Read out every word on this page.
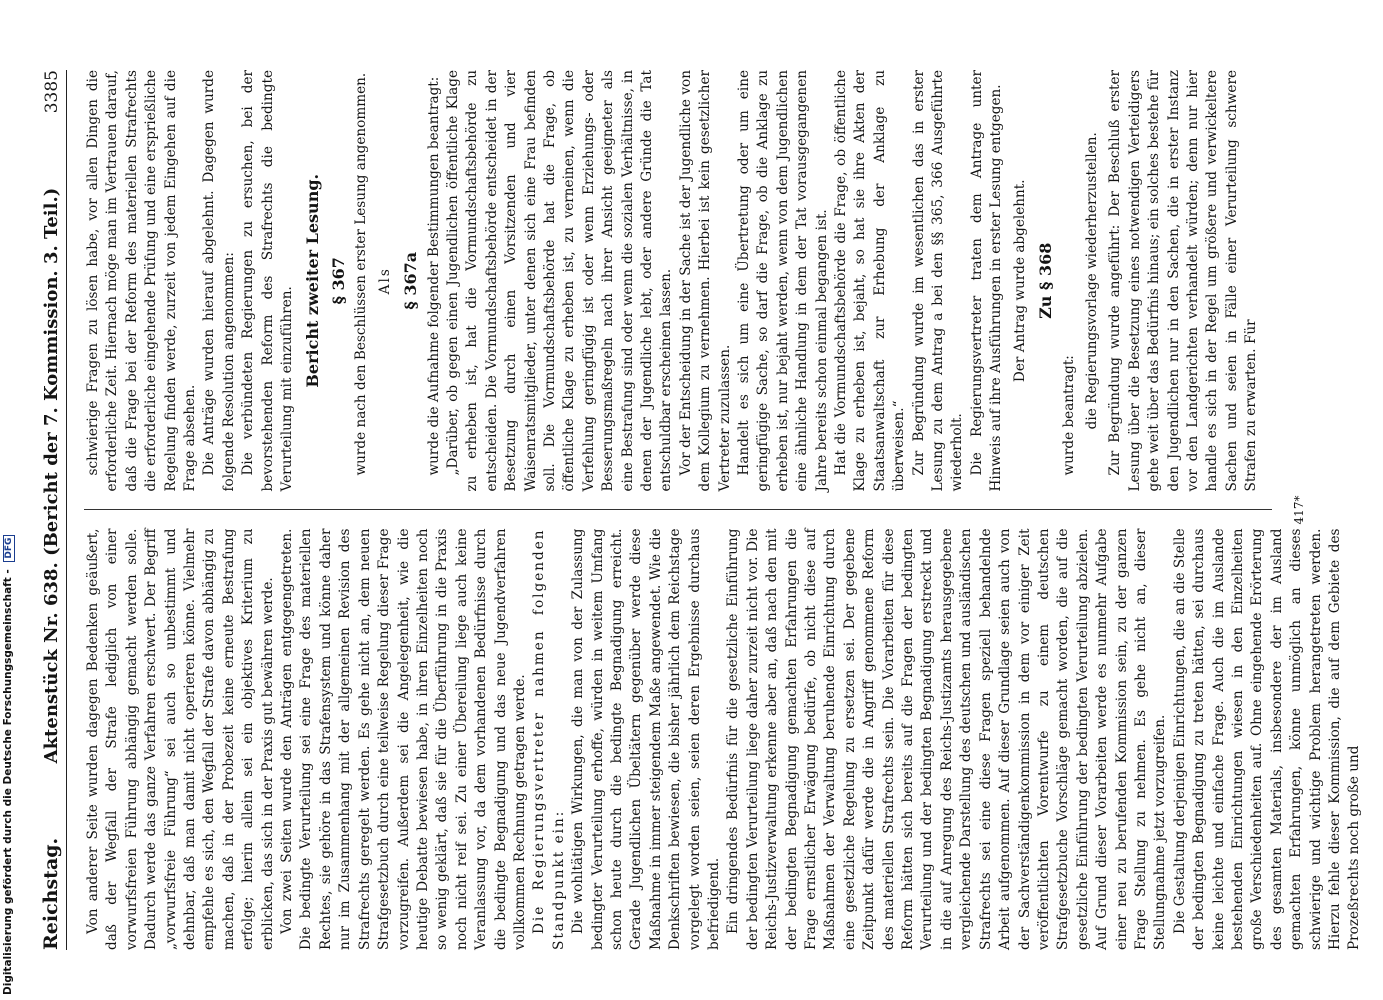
Digitalisierung gefördert durch die Deutsche Forschungsgemeinschaft - DFG
Reichstag.
Aktenstück Nr. 638. (Bericht der 7. Kommission. 3. Teil.)
3385

Von anderer Seite wurden dagegen Bedenken geäußert, daß der Wegfall der Strafe lediglich von einer vorwurfsfreien Führung abhängig gemacht werden solle. Dadurch werde das ganze Verfahren erschwert. Der Begriff „vorwurfsfreie Führung“ sei auch so unbestimmt und dehnbar, daß man damit nicht operieren könne. Vielmehr empfehle es sich, den Wegfall der Strafe davon abhängig zu machen, daß in der Probezeit keine erneute Bestrafung erfolge; hierin allein sei ein objektives Kriterium zu erblicken, das sich in der Praxis gut bewähren werde. Von zwei Seiten wurde den Anträgen entgegengetreten. Die bedingte Verurteilung sei eine Frage des materiellen Rechtes, sie gehöre in das Strafensystem und könne daher nur im Zusammenhang mit der allgemeinen Revision des Strafrechts geregelt werden. Es gehe nicht an, dem neuen Strafgesetzbuch durch eine teilweise Regelung dieser Frage vorzugreifen. Außerdem sei die Angelegenheit, wie die heutige Debatte bewiesen habe, in ihren Einzelheiten noch so wenig geklärt, daß sie für die Überführung in die Praxis noch nicht reif sei. Zu einer Übereilung liege auch keine Veranlassung vor, da dem vorhandenen Bedürfnisse durch die bedingte Begnadigung und das neue Jugendverfahren vollkommen Rechnung getragen werde. Die Regierungsvertreter nahmen folgenden Standpunkt ein: Die wohltätigen Wirkungen, die man von der Zulassung bedingter Verurteilung erhoffe, würden in weitem Umfang schon heute durch die bedingte Begnadigung erreicht. Gerade Jugendlichen Übeltätern gegenüber werde diese Maßnahme in immer steigendem Maße angewendet. Wie die Denkschriften bewiesen, die bisher jährlich dem Reichstage vorgelegt worden seien, seien deren Ergebnisse durchaus befriedigend. Ein dringendes Bedürfnis für die gesetzliche Einführung der bedingten Verurteilung liege daher zurzeit nicht vor. Die Reichs-Justizverwaltung erkenne aber an, daß nach den mit der bedingten Begnadigung gemachten Erfahrungen die Frage ernstlicher Erwägung bedürfe, ob nicht diese auf Maßnahmen der Verwaltung beruhende Einrichtung durch eine gesetzliche Regelung zu ersetzen sei. Der gegebene Zeitpunkt dafür werde die in Angriff genommene Reform des materiellen Strafrechts sein. Die Vorarbeiten für diese Reform hätten sich bereits auf die Fragen der bedingten Verurteilung und der bedingten Begnadigung erstreckt und in die auf Anregung des Reichs-Justizamts herausgegebene vergleichende Darstellung des deutschen und ausländischen Strafrechts sei eine diese Fragen speziell behandelnde Arbeit aufgenommen. Auf dieser Grundlage seien auch von der Sachverständigenkommission in dem vor einiger Zeit veröffentlichten Vorentwurfe zu einem deutschen Strafgesetzbuche Vorschläge gemacht worden, die auf die gesetzliche Einführung der bedingten Verurteilung abzielen. Auf Grund dieser Vorarbeiten werde es nunmehr Aufgabe einer neu zu berufenden Kommission sein, zu der ganzen Frage Stellung zu nehmen. Es gehe nicht an, dieser Stellungnahme jetzt vorzugreifen. Die Gestaltung derjenigen Einrichtungen, die an die Stelle der bedingten Begnadigung zu treten hätten, sei durchaus keine leichte und einfache Frage. Auch die im Auslande bestehenden Einrichtungen wiesen in den Einzelheiten große Verschiedenheiten auf. Ohne eingehende Erörterung des gesamten Materials, insbesondere der im Ausland gemachten Erfahrungen, könne unmöglich an dieses schwierige und wichtige Problem herangetreten werden. Hierzu fehle dieser Kommission, die auf dem Gebiete des Prozeßrechts noch große und

schwierige Fragen zu lösen habe, vor allen Dingen die erforderliche Zeit. Hiernach möge man im Vertrauen darauf, daß die Frage bei der Reform des materiellen Strafrechts die erforderliche eingehende Prüfung und eine ersprießliche Regelung finden werde, zurzeit von jedem Eingehen auf die Frage absehen. Die Anträge wurden hierauf abgelehnt. Dagegen wurde folgende Resolution angenommen: Die verbündeten Regierungen zu ersuchen, bei der bevorstehenden Reform des Strafrechts die bedingte Verurteilung mit einzuführen.

Bericht zweiter Lesung. § 367 wurde nach den Beschlüssen erster Lesung angenommen. Als § 367a wurde die Aufnahme folgender Bestimmungen beantragt: „Darüber, ob gegen einen Jugendlichen öffentliche Klage zu erheben ist, hat die Vormundschaftsbehörde zu entscheiden. Die Vormundschaftsbehörde entscheidet in der Besetzung durch einen Vorsitzenden und vier Waisenratsmitglieder, unter denen sich eine Frau befinden soll. Die Vormundschaftsbehörde hat die Frage, ob öffentliche Klage zu erheben ist, zu verneinen, wenn die Verfehlung geringfügig ist oder wenn Erziehungs- oder Besserungsmaßregeln nach ihrer Ansicht geeigneter als eine Bestrafung sind oder wenn die sozialen Verhältnisse, in denen der Jugendliche lebt, oder andere Gründe die Tat entschuldbar erscheinen lassen. Vor der Entscheidung in der Sache ist der Jugendliche von dem Kollegium zu vernehmen. Hierbei ist kein gesetzlicher Vertreter zuzulassen. Handelt es sich um eine Übertretung oder um eine geringfügige Sache, so darf die Frage, ob die Anklage zu erheben ist, nur bejaht werden, wenn von dem Jugendlichen eine ähnliche Handlung in dem der Tat vorausgegangenen Jahre bereits schon einmal begangen ist. Hat die Vormundschaftsbehörde die Frage, ob öffentliche Klage zu erheben ist, bejaht, so hat sie ihre Akten der Staatsanwaltschaft zur Erhebung der Anklage zu überweisen.“ Zur Begründung wurde im wesentlichen das in erster Lesung zu dem Antrag a bei den §§ 365, 366 Ausgeführte wiederholt. Die Regierungsvertreter traten dem Antrage unter Hinweis auf ihre Ausführungen in erster Lesung entgegen. Der Antrag wurde abgelehnt. Zu § 368

wurde beantragt: die Regierungsvorlage wiederherzustellen. Zur Begründung wurde angeführt: Der Beschluß erster Lesung über die Besetzung eines notwendigen Verteidigers gehe weit über das Bedürfnis hinaus; ein solches bestehe für den Jugendlichen nur in den Sachen, die in erster Instanz vor den Landgerichten verhandelt würden; denn nur hier handle es sich in der Regel um größere und verwickeltere Sachen und seien in Fälle einer Verurteilung schwere Strafen zu erwarten. Für

417*
